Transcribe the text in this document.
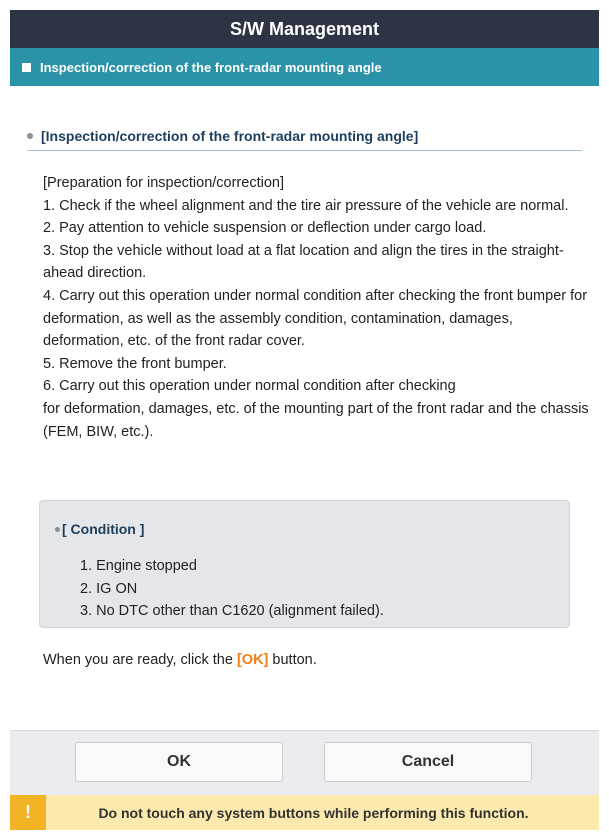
S/W Management
Inspection/correction of the front-radar mounting angle
[Inspection/correction of the front-radar mounting angle]

[Preparation for inspection/correction]

1. Check if the wheel alignment and the tire air pressure of the vehicle are normal.

2. Pay attention to vehicle suspension or deflection under cargo load.

3. Stop the vehicle without load at a flat location and align the tires in the straight-ahead direction.

4. Carry out this operation under normal condition after checking the front bumper for deformation, as well as the assembly condition, contamination, damages, deformation, etc. of the front radar cover.

5. Remove the front bumper.

6. Carry out this operation under normal condition after checking

for deformation, damages, etc. of the mounting part of the front radar and the chassis (FEM, BIW, etc.).

[ Condition ]
1. Engine stopped
2. IG ON
3. No DTC other than C1620 (alignment failed).
When you are ready, click the [OK] button.
OK	Cancel
!	Do not touch any system buttons while performing this function.
